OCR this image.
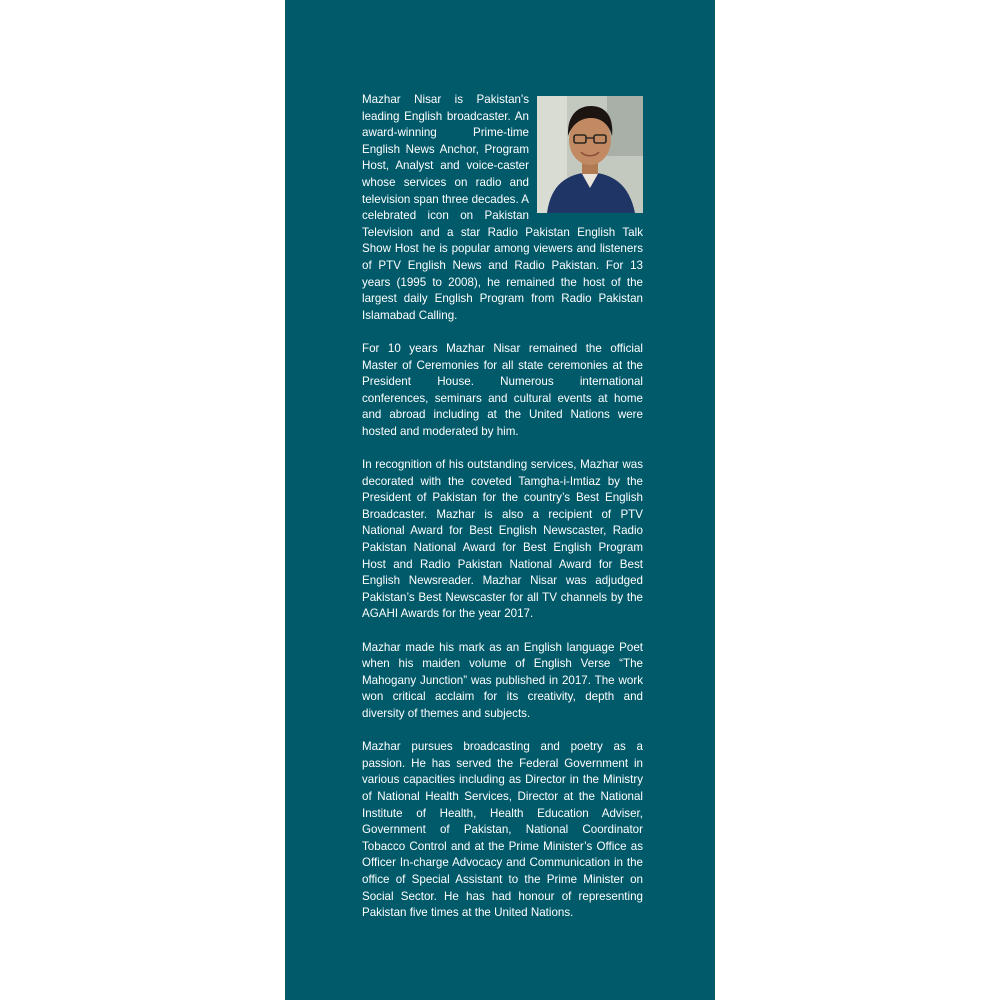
Mazhar Nisar is Pakistan's leading English broadcaster. An award-winning Prime-time English News Anchor, Program Host, Analyst and voice-caster whose services on radio and television span three decades. A celebrated icon on Pakistan Television and a star Radio Pakistan English Talk Show Host he is popular among viewers and listeners of PTV English News and Radio Pakistan. For 13 years (1995 to 2008), he remained the host of the largest daily English Program from Radio Pakistan Islamabad Calling.

For 10 years Mazhar Nisar remained the official Master of Ceremonies for all state ceremonies at the President House. Numerous international conferences, seminars and cultural events at home and abroad including at the United Nations were hosted and moderated by him.

In recognition of his outstanding services, Mazhar was decorated with the coveted Tamgha-i-Imtiaz by the President of Pakistan for the country’s Best English Broadcaster. Mazhar is also a recipient of PTV National Award for Best English Newscaster, Radio Pakistan National Award for Best English Program Host and Radio Pakistan National Award for Best English Newsreader. Mazhar Nisar was adjudged Pakistan’s Best Newscaster for all TV channels by the AGAHI Awards for the year 2017.

Mazhar made his mark as an English language Poet when his maiden volume of English Verse “The Mahogany Junction” was published in 2017. The work won critical acclaim for its creativity, depth and diversity of themes and subjects.

Mazhar pursues broadcasting and poetry as a passion. He has served the Federal Government in various capacities including as Director in the Ministry of National Health Services, Director at the National Institute of Health, Health Education Adviser, Government of Pakistan, National Coordinator Tobacco Control and at the Prime Minister’s Office as Officer In-charge Advocacy and Communication in the office of Special Assistant to the Prime Minister on Social Sector. He has had honour of representing Pakistan five times at the United Nations.
